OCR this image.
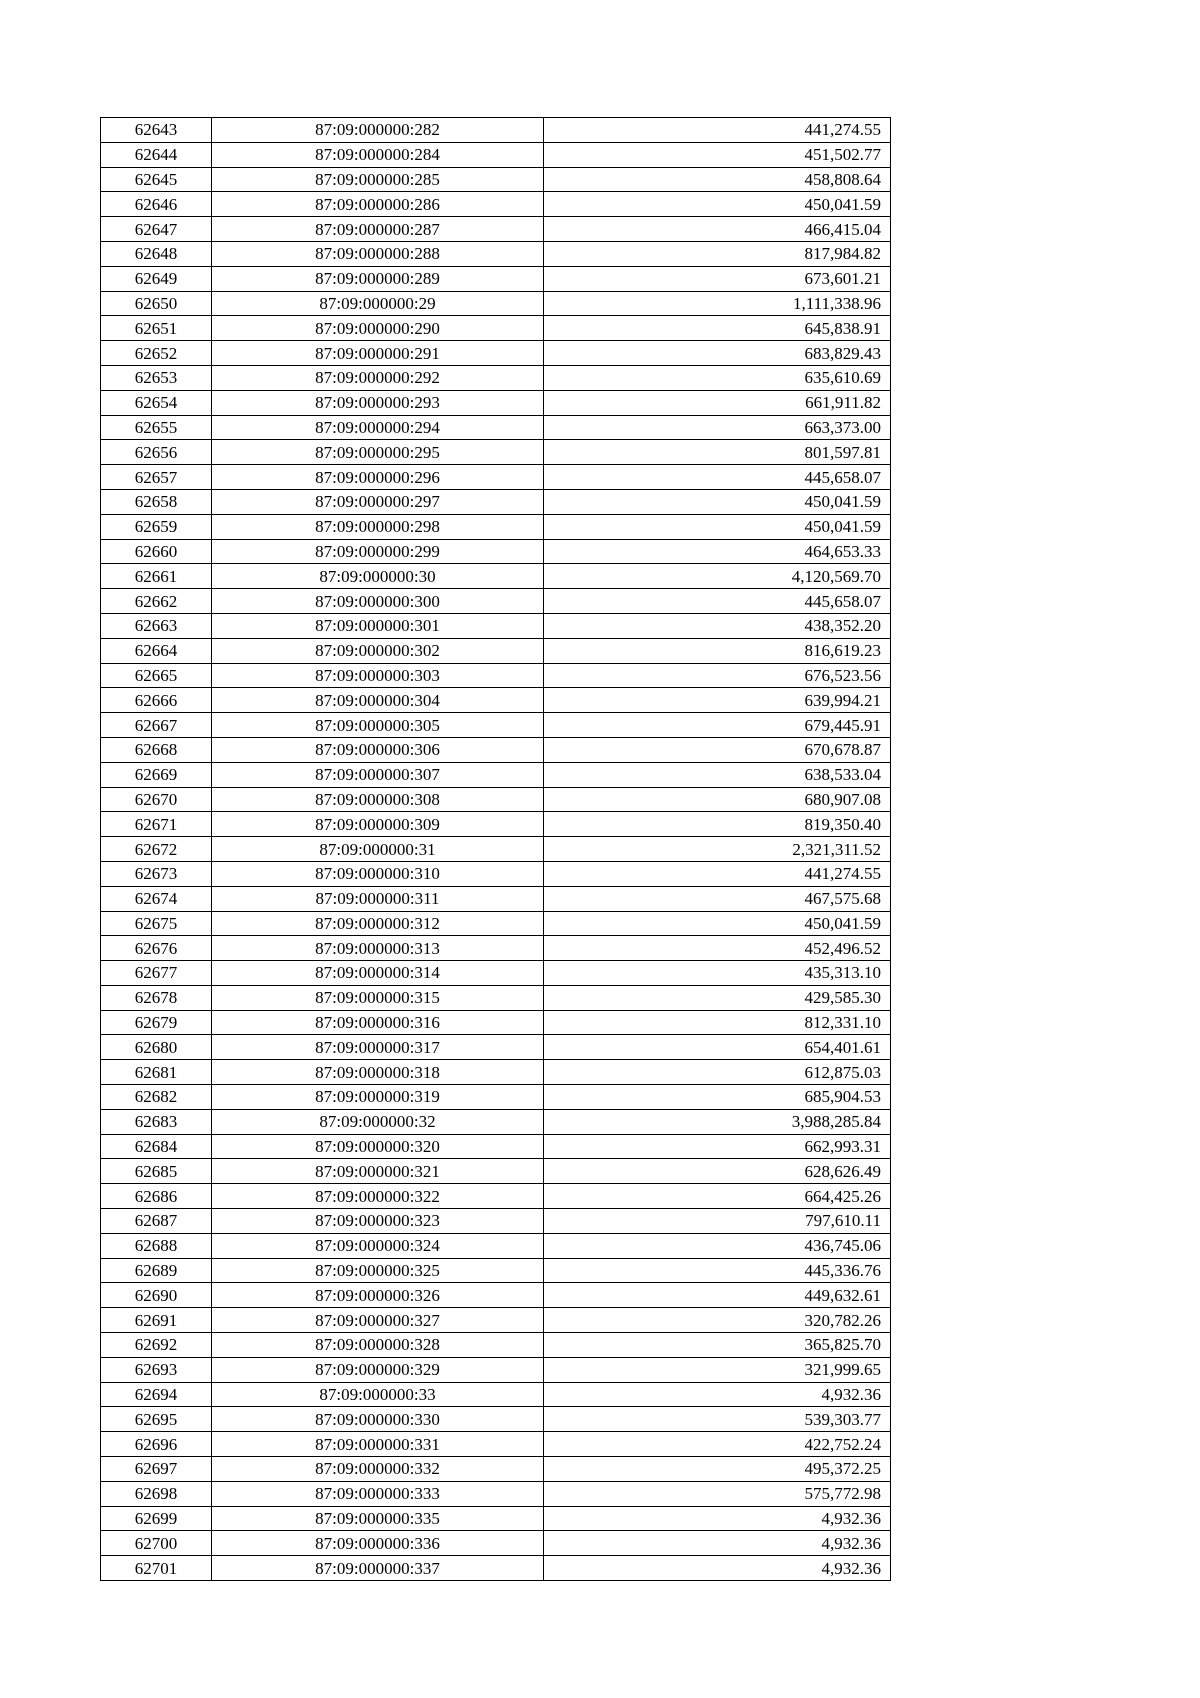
62643	87:09:000000:282	441,274.55
62644	87:09:000000:284	451,502.77
62645	87:09:000000:285	458,808.64
62646	87:09:000000:286	450,041.59
62647	87:09:000000:287	466,415.04
62648	87:09:000000:288	817,984.82
62649	87:09:000000:289	673,601.21
62650	87:09:000000:29	1,111,338.96
62651	87:09:000000:290	645,838.91
62652	87:09:000000:291	683,829.43
62653	87:09:000000:292	635,610.69
62654	87:09:000000:293	661,911.82
62655	87:09:000000:294	663,373.00
62656	87:09:000000:295	801,597.81
62657	87:09:000000:296	445,658.07
62658	87:09:000000:297	450,041.59
62659	87:09:000000:298	450,041.59
62660	87:09:000000:299	464,653.33
62661	87:09:000000:30	4,120,569.70
62662	87:09:000000:300	445,658.07
62663	87:09:000000:301	438,352.20
62664	87:09:000000:302	816,619.23
62665	87:09:000000:303	676,523.56
62666	87:09:000000:304	639,994.21
62667	87:09:000000:305	679,445.91
62668	87:09:000000:306	670,678.87
62669	87:09:000000:307	638,533.04
62670	87:09:000000:308	680,907.08
62671	87:09:000000:309	819,350.40
62672	87:09:000000:31	2,321,311.52
62673	87:09:000000:310	441,274.55
62674	87:09:000000:311	467,575.68
62675	87:09:000000:312	450,041.59
62676	87:09:000000:313	452,496.52
62677	87:09:000000:314	435,313.10
62678	87:09:000000:315	429,585.30
62679	87:09:000000:316	812,331.10
62680	87:09:000000:317	654,401.61
62681	87:09:000000:318	612,875.03
62682	87:09:000000:319	685,904.53
62683	87:09:000000:32	3,988,285.84
62684	87:09:000000:320	662,993.31
62685	87:09:000000:321	628,626.49
62686	87:09:000000:322	664,425.26
62687	87:09:000000:323	797,610.11
62688	87:09:000000:324	436,745.06
62689	87:09:000000:325	445,336.76
62690	87:09:000000:326	449,632.61
62691	87:09:000000:327	320,782.26
62692	87:09:000000:328	365,825.70
62693	87:09:000000:329	321,999.65
62694	87:09:000000:33	4,932.36
62695	87:09:000000:330	539,303.77
62696	87:09:000000:331	422,752.24
62697	87:09:000000:332	495,372.25
62698	87:09:000000:333	575,772.98
62699	87:09:000000:335	4,932.36
62700	87:09:000000:336	4,932.36
62701	87:09:000000:337	4,932.36
